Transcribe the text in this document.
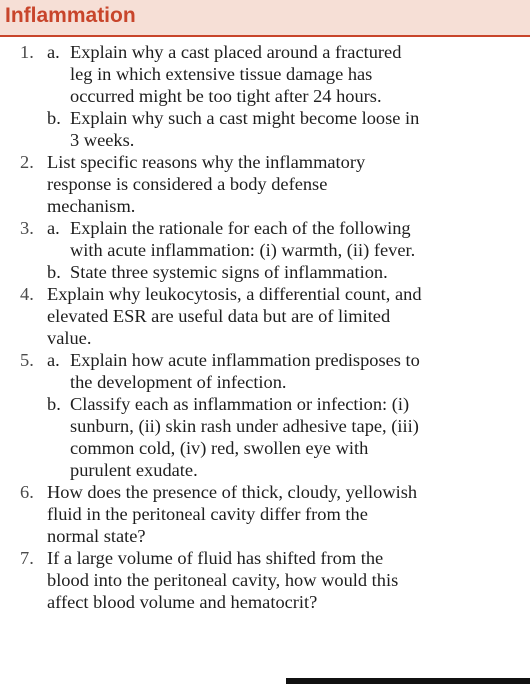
Inflammation
1. a. Explain why a cast placed around a fractured
leg in which extensive tissue damage has
occurred might be too tight after 24 hours.
b. Explain why such a cast might become loose in
3 weeks.
2. List specific reasons why the inflammatory
response is considered a body defense
mechanism.
3. a. Explain the rationale for each of the following
with acute inflammation: (i) warmth, (ii) fever.
b. State three systemic signs of inflammation.
4. Explain why leukocytosis, a differential count, and
elevated ESR are useful data but are of limited
value.
5. a. Explain how acute inflammation predisposes to
the development of infection.
b. Classify each as inflammation or infection: (i)
sunburn, (ii) skin rash under adhesive tape, (iii)
common cold, (iv) red, swollen eye with
purulent exudate.
6. How does the presence of thick, cloudy, yellowish
fluid in the peritoneal cavity differ from the
normal state?
7. If a large volume of fluid has shifted from the
blood into the peritoneal cavity, how would this
affect blood volume and hematocrit?
